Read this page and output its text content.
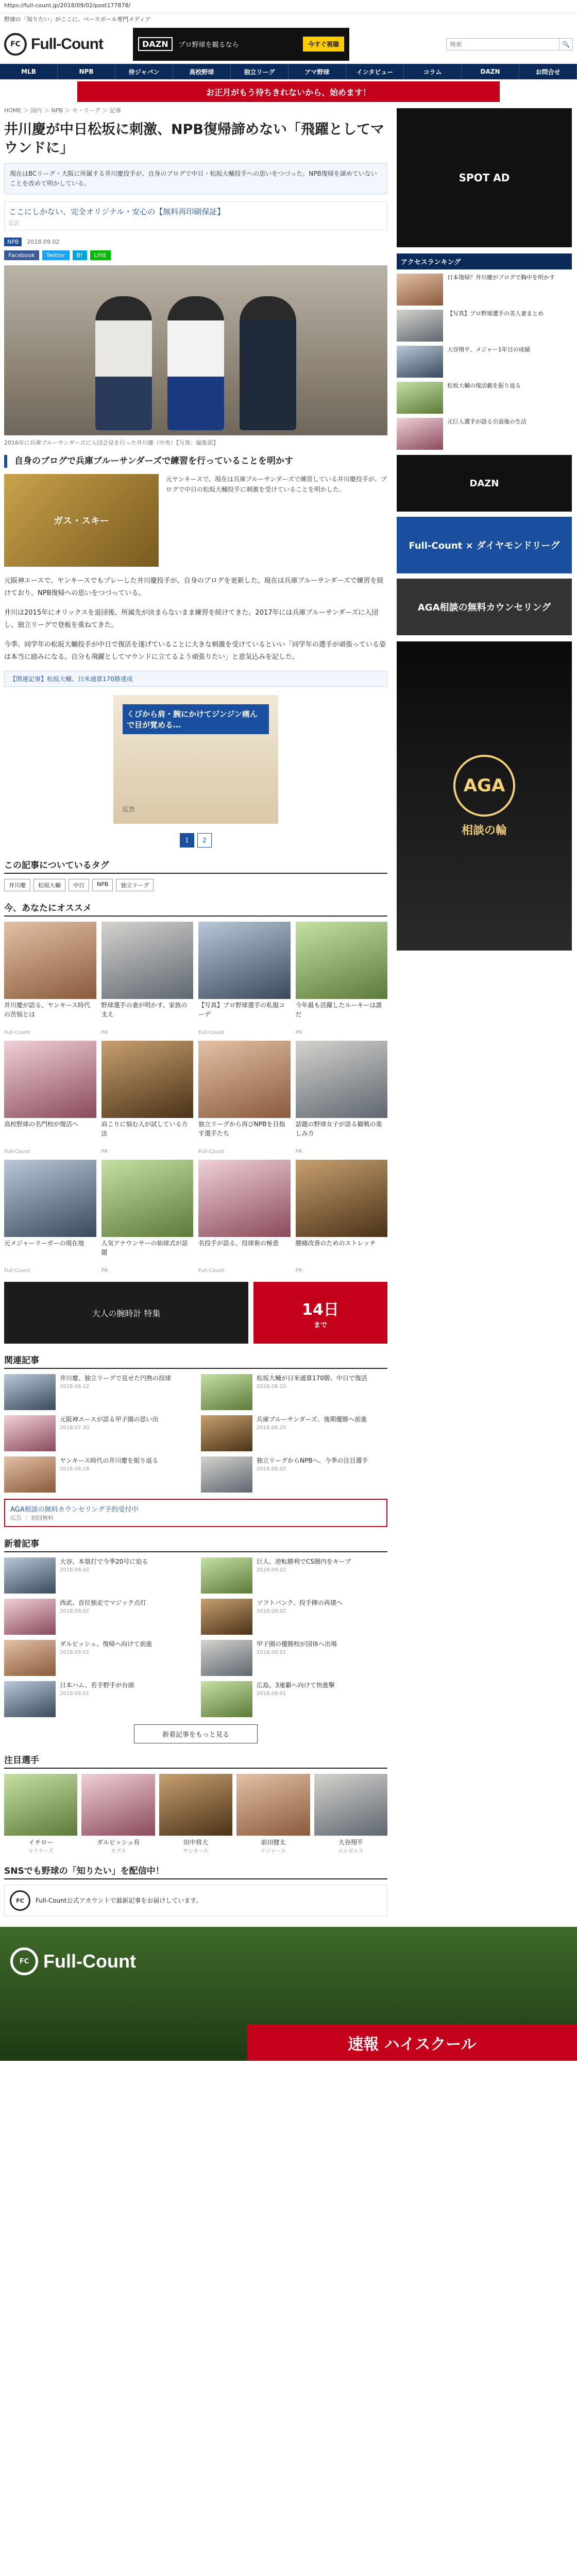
https://full-count.jp/2018/09/02/post177878/
野球の「知りたい」がここに。ベースボール専門メディア
FC Full-Count	DAZN	プロ野球を観るなら	今すぐ視聴
検索	🔍
MLB	NPB	侍ジャパン	高校野球	独立リーグ	アマ野球	インタビュー	コラム	DAZN	お問合せ
お正月がもう待ちきれないから、始めます！
HOME ＞ 国内 ＞ NPB ＞ セ・リーグ ＞ 記事
井川慶が中日松坂に刺激、NPB復帰諦めない「飛躍としてマウンドに」
現在はBCリーグ・大阪に所属する井川慶投手が、自身のブログで中日・松坂大輔投手への思いをつづった。NPB復帰を諦めていないことを改めて明かしている。
ここにしかない、完全オリジナル・安心の【無料再印刷保証】
広告
NPB	2018.09.02
Facebook	Twitter	B!	LINE
2016年に兵庫ブルーサンダーズに入団会見を行った井川慶（中央）【写真：編集部】
自身のブログで兵庫ブルーサンダーズで練習を行っていることを明かす
ガス・スキー
元ヤンキースで、現在は兵庫ブルーサンダーズで練習している井川慶投手が、ブログで中日の松坂大輔投手に刺激を受けていることを明かした。

元阪神エースで、ヤンキースでもプレーした井川慶投手が、自身のブログを更新した。現在は兵庫ブルーサンダーズで練習を続けており、NPB復帰への思いをつづっている。

井川は2015年にオリックスを退団後、所属先が決まらないまま練習を続けてきた。2017年には兵庫ブルーサンダーズに入団し、独立リーグで登板を重ねてきた。

今季、同学年の松坂大輔投手が中日で復活を遂げていることに大きな刺激を受けているといい「同学年の選手が頑張っている姿は本当に励みになる。自分も飛躍としてマウンドに立てるよう頑張りたい」と意気込みを記した。

【関連記事】松坂大輔、日米通算170勝達成
くびから肩・腕にかけてジンジン痛んで目が覚める…
広告
1	2
この記事についているタグ
井川慶	松坂大輔	中日	NPB	独立リーグ
今、あなたにオススメ
井川慶が語る、ヤンキース時代の苦悩とは
Full-Count
野球選手の妻が明かす、家族の支え
PR
【写真】プロ野球選手の私服コーデ
Full-Count
今年最も活躍したルーキーは誰だ
PR
高校野球の名門校が復活へ
Full-Count
肩こりに悩む人が試している方法
PR
独立リーグから再びNPBを目指す選手たち
Full-Count
話題の野球女子が語る観戦の楽しみ方
PR
元メジャーリーガーの現在地
Full-Count
人気アナウンサーの始球式が話題
PR
名投手が語る、投球術の極意
Full-Count
腰痛改善のためのストレッチ
PR
大人の腕時計 特集	14日
まで
関連記事
井川慶、独立リーグで見せた円熟の投球
2018.08.12
松坂大輔が日米通算170勝、中日で復活
2018.08.20
元阪神エースが語る甲子園の思い出
2018.07.30
兵庫ブルーサンダーズ、後期優勝へ前進
2018.08.25
ヤンキース時代の井川慶を振り返る
2018.06.18
独立リーグからNPBへ、今季の注目選手
2018.08.02
AGA相談の無料カウンセリング予約受付中
広告 ｜ 初回無料
新着記事
大谷、本塁打で今季20号に迫る
2018.09.02
巨人、逆転勝利でCS圏内をキープ
2018.09.02
西武、首位独走でマジック点灯
2018.09.02
ソフトバンク、投手陣の再建へ
2018.09.02
ダルビッシュ、復帰へ向けて前進
2018.09.01
甲子園の優勝校が国体へ出場
2018.09.01
日本ハム、若手野手が台頭
2018.09.01
広島、3連覇へ向けて快進撃
2018.09.01
新着記事をもっと見る
注目選手
イチロー
マリナーズ
ダルビッシュ有
カブス
田中将大
ヤンキース
前田健太
ドジャース
大谷翔平
エンゼルス
SNSでも野球の「知りたい」を配信中！
FC	Full-Count公式アカウントで最新記事をお届けしています。
SPOT AD
アクセスランキング
日本復帰？井川慶がブログで胸中を明かす
【写真】プロ野球選手の美人妻まとめ
大谷翔平、メジャー1年目の成績
松坂大輔の復活劇を振り返る
元巨人選手が語る引退後の生活
DAZN
Full-Count × ダイヤモンドリーグ
AGA相談の無料カウンセリング
AGA
相談の輪
FC Full-Count
速報 ハイスクール
